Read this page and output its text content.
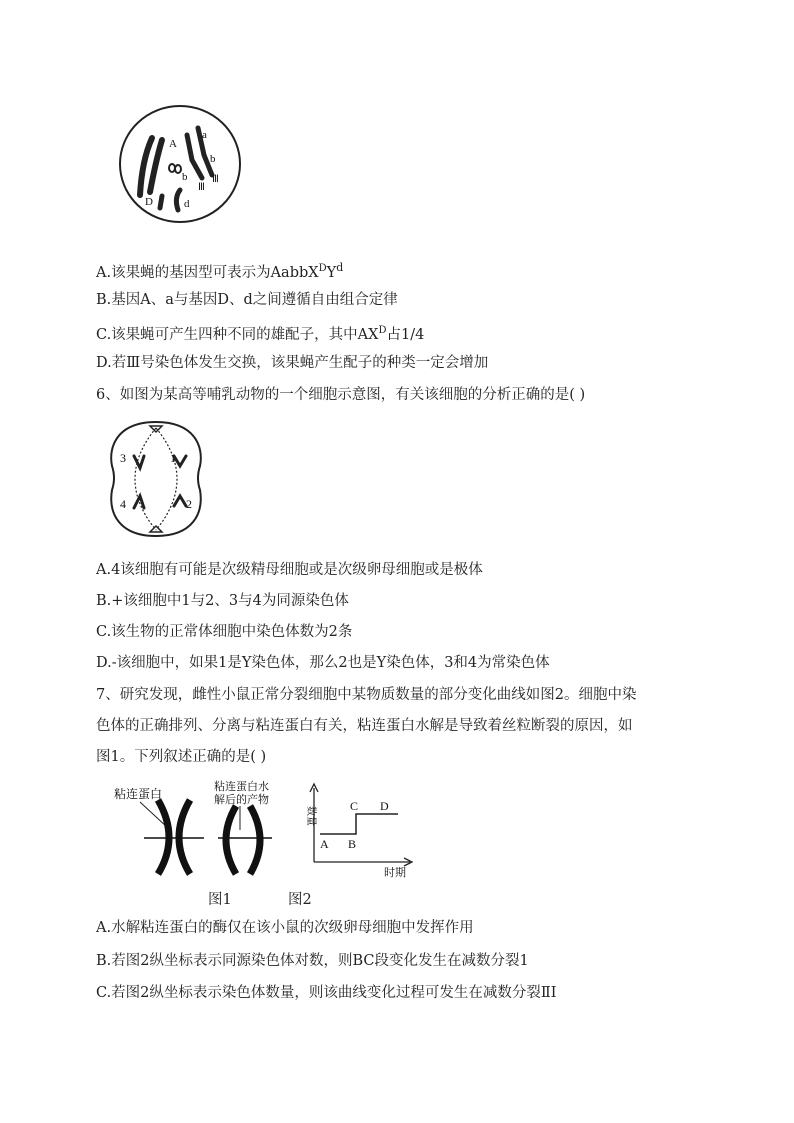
A
a
b
b
Ⅲ
Ⅲ
D	d
A.该果蝇的基因型可表示为$AabbX^DY^d$
B.基因A、a与基因D、d之间遵循自由组合定律
C.该果蝇可产生四种不同的雄配子，其中$AX^D$占1/4
D.若Ⅲ号染色体发生交换，该果蝇产生配子的种类一定会增加
6、如图为某高等哺乳动物的一个细胞示意图，有关该细胞的分析正确的是( )
1
3
4	2
A.4该细胞有可能是次级精母细胞或是次级卵母细胞或是极体
B.+该细胞中1与2、3与4为同源染色体
C.该生物的正常体细胞中染色体数为2条
D.-该细胞中，如果1是Y染色体，那么2也是Y染色体，3和4为常染色体
7、研究发现，雌性小鼠正常分裂细胞中某物质数量的部分变化曲线如图2。细胞中染
色体的正确排列、分离与粘连蛋白有关，粘连蛋白水解是导致着丝粒断裂的原因，如
图1。下列叙述正确的是( )
粘连蛋白	粘连蛋白水
解后的产物
数量
时期
A B
C D
图1	图2
A.水解粘连蛋白的酶仅在该小鼠的次级卵母细胞中发挥作用
B.若图2纵坐标表示同源染色体对数，则BC段变化发生在减数分裂1
C.若图2纵坐标表示染色体数量，则该曲线变化过程可发生在减数分裂ⅡI
